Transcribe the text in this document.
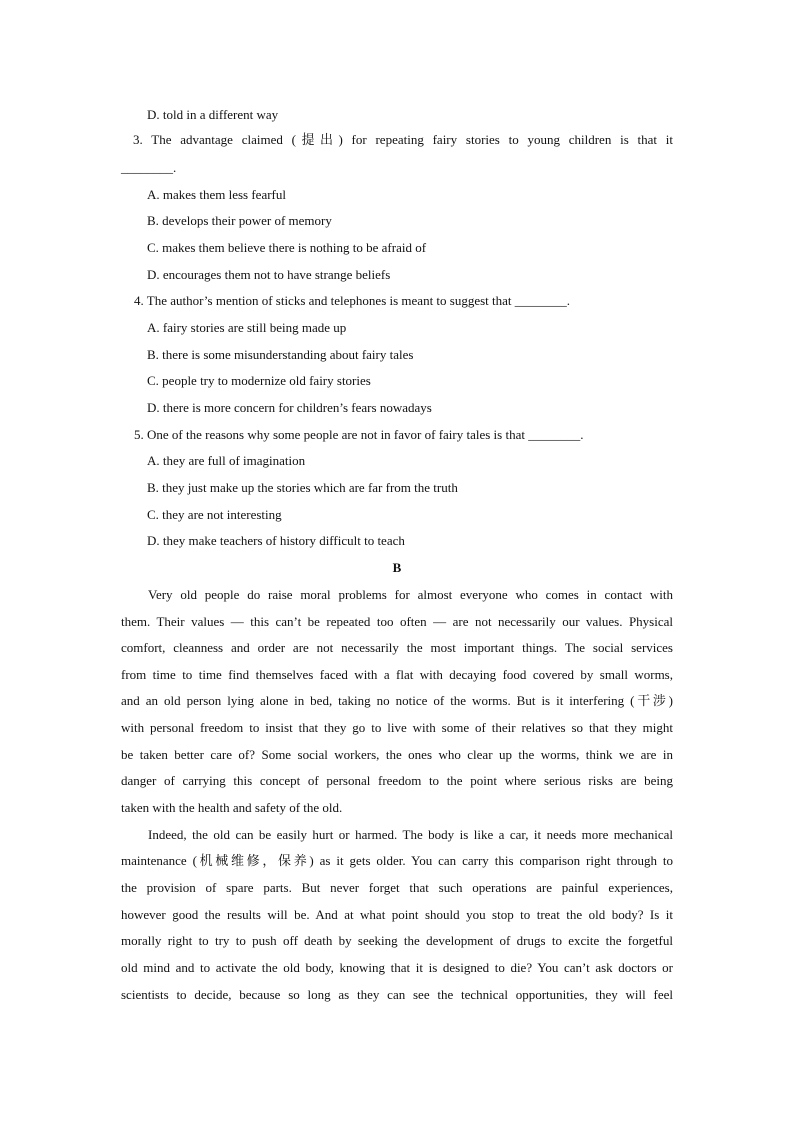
D. told in a different way
3. The advantage claimed (提出) for repeating fairy stories to young children is that it
________.
A. makes them less fearful
B. develops their power of memory
C. makes them believe there is nothing to be afraid of
D. encourages them not to have strange beliefs
4. The author’s mention of sticks and telephones is meant to suggest that ________.
A. fairy stories are still being made up
B. there is some misunderstanding about fairy tales
C. people try to modernize old fairy stories
D. there is more concern for children’s fears nowadays
5. One of the reasons why some people are not in favor of fairy tales is that ________.
A. they are full of imagination
B. they just make up the stories which are far from the truth
C. they are not interesting
D. they make teachers of history difficult to teach
B
Very old people do raise moral problems for almost everyone who comes in contact with
them. Their values — this can’t be repeated too often — are not necessarily our values. Physical
comfort, cleanness and order are not necessarily the most important things. The social services
from time to time find themselves faced with a flat with decaying food covered by small worms,
and an old person lying alone in bed, taking no notice of the worms. But is it interfering (干涉)
with personal freedom to insist that they go to live with some of their relatives so that they might
be taken better care of? Some social workers, the ones who clear up the worms, think we are in
danger of carrying this concept of personal freedom to the point where serious risks are being
taken with the health and safety of the old.
Indeed, the old can be easily hurt or harmed. The body is like a car, it needs more mechanical
maintenance (机械维修，保养) as it gets older. You can carry this comparison right through to
the provision of spare parts. But never forget that such operations are painful experiences,
however good the results will be. And at what point should you stop to treat the old body? Is it
morally right to try to push off death by seeking the development of drugs to excite the forgetful
old mind and to activate the old body, knowing that it is designed to die? You can’t ask doctors or
scientists to decide, because so long as they can see the technical opportunities, they will feel
